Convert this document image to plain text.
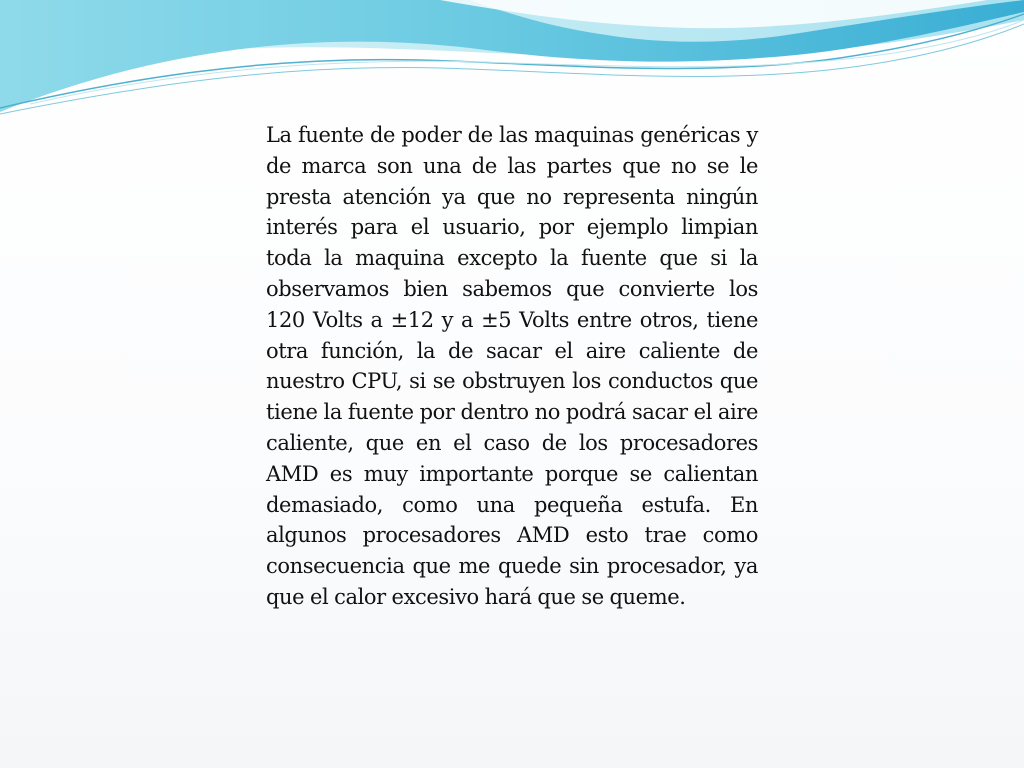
La fuente de poder de las maquinas genéricas y de marca son una de las partes que no se le presta atención ya que no representa ningún interés para el usuario, por ejemplo limpian toda la maquina excepto la fuente que si la observamos bien sabemos que convierte los 120 Volts a ±12 y a ±5 Volts entre otros, tiene otra función, la de sacar el aire caliente de nuestro CPU, si se obstruyen los conductos que tiene la fuente por dentro no podrá sacar el aire caliente, que en el caso de los procesadores AMD es muy importante porque se calientan demasiado, como una pequeña estufa. En algunos procesadores AMD esto trae como consecuencia que me quede sin procesador, ya que el calor excesivo hará que se queme.
